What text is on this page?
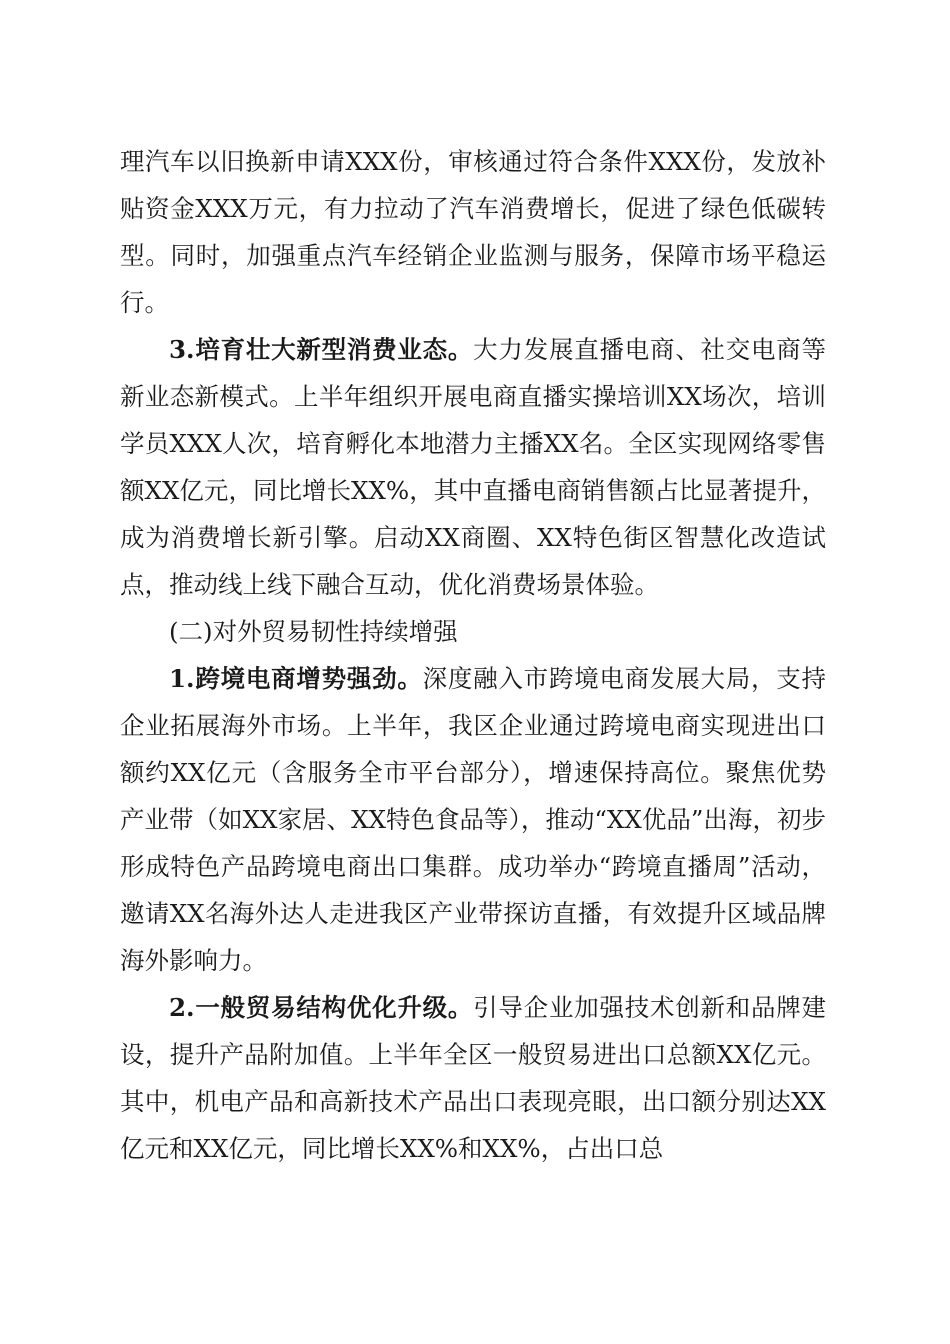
理汽车以旧换新申请XXX份，审核通过符合条件XXX份，发放补贴资金XXX万元，有力拉动了汽车消费增长，促进了绿色低碳转型。同时，加强重点汽车经销企业监测与服务，保障市场平稳运行。

3.培育壮大新型消费业态。大力发展直播电商、社交电商等新业态新模式。上半年组织开展电商直播实操培训XX场次，培训学员XXX人次，培育孵化本地潜力主播XX名。全区实现网络零售额XX亿元，同比增长XX%，其中直播电商销售额占比显著提升，成为消费增长新引擎。启动XX商圈、XX特色街区智慧化改造试点，推动线上线下融合互动，优化消费场景体验。

(二)对外贸易韧性持续增强

1.跨境电商增势强劲。深度融入市跨境电商发展大局，支持企业拓展海外市场。上半年，我区企业通过跨境电商实现进出口额约XX亿元（含服务全市平台部分），增速保持高位。聚焦优势产业带（如XX家居、XX特色食品等），推动“XX优品”出海，初步形成特色产品跨境电商出口集群。成功举办“跨境直播周”活动，邀请XX名海外达人走进我区产业带探访直播，有效提升区域品牌海外影响力。

2.一般贸易结构优化升级。引导企业加强技术创新和品牌建设，提升产品附加值。上半年全区一般贸易进出口总额XX亿元。其中，机电产品和高新技术产品出口表现亮眼，出口额分别达XX亿元和XX亿元，同比增长XX%和XX%，占出口总
